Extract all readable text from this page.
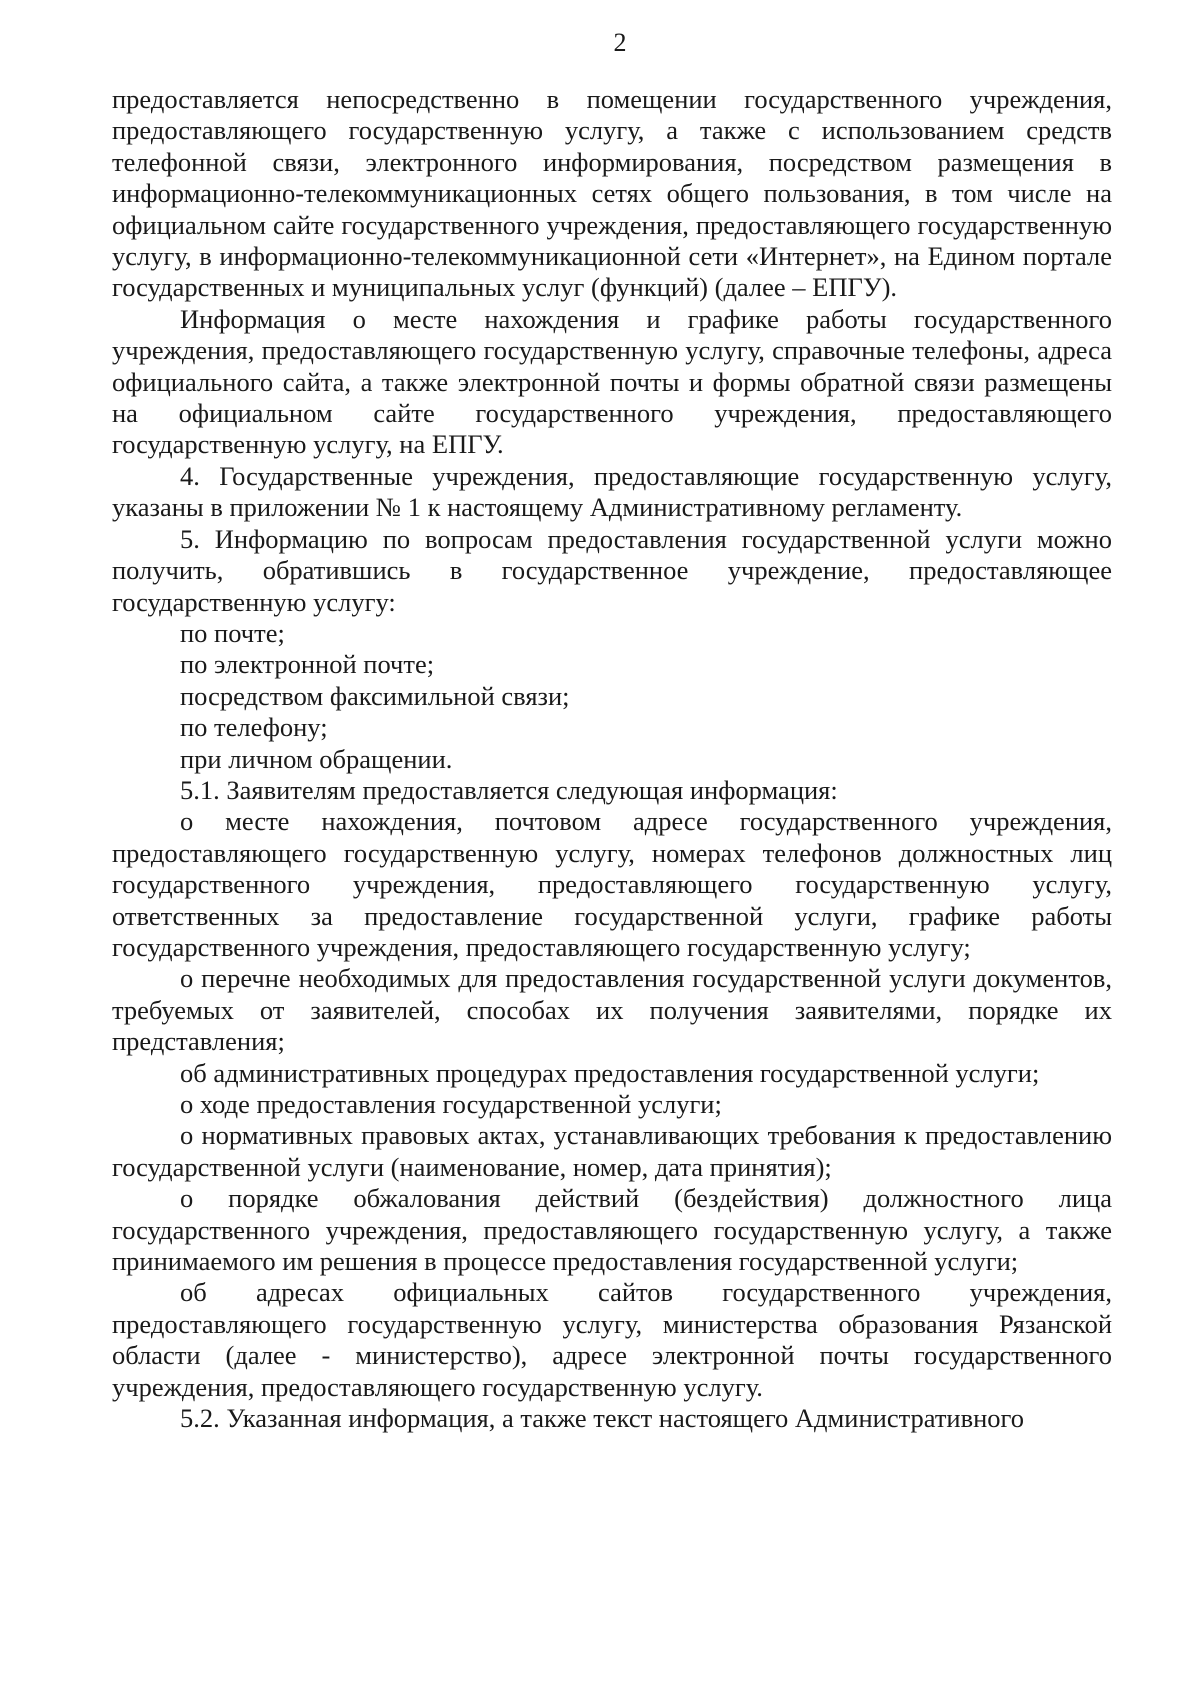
2

предоставляется непосредственно в помещении государственного учреждения, предоставляющего государственную услугу, а также с использованием средств телефонной связи, электронного информирования, посредством размещения в информационно-телекоммуникационных сетях общего пользования, в том числе на официальном сайте государственного учреждения, предоставляющего государственную услугу, в информационно-телекоммуникационной сети «Интернет», на Едином портале государственных и муниципальных услуг (функций) (далее – ЕПГУ).

Информация о месте нахождения и графике работы государственного учреждения, предоставляющего государственную услугу, справочные телефоны, адреса официального сайта, а также электронной почты и формы обратной связи размещены на официальном сайте государственного учреждения, предоставляющего государственную услугу, на ЕПГУ.

4. Государственные учреждения, предоставляющие государственную услугу, указаны в приложении № 1 к настоящему Административному регламенту.

5. Информацию по вопросам предоставления государственной услуги можно получить, обратившись в государственное учреждение, предоставляющее государственную услугу:

по почте;

по электронной почте;

посредством факсимильной связи;

по телефону;

при личном обращении.

5.1. Заявителям предоставляется следующая информация:

о месте нахождения, почтовом адресе государственного учреждения, предоставляющего государственную услугу, номерах телефонов должностных лиц государственного учреждения, предоставляющего государственную услугу, ответственных за предоставление государственной услуги, графике работы государственного учреждения, предоставляющего государственную услугу;

о перечне необходимых для предоставления государственной услуги документов, требуемых от заявителей, способах их получения заявителями, порядке их представления;

об административных процедурах предоставления государственной услуги;

о ходе предоставления государственной услуги;

о нормативных правовых актах, устанавливающих требования к предоставлению государственной услуги (наименование, номер, дата принятия);

о порядке обжалования действий (бездействия) должностного лица государственного учреждения, предоставляющего государственную услугу, а также принимаемого им решения в процессе предоставления государственной услуги;

об адресах официальных сайтов государственного учреждения, предоставляющего государственную услугу, министерства образования Рязанской области (далее - министерство), адресе электронной почты государственного учреждения, предоставляющего государственную услугу.

5.2. Указанная информация, а также текст настоящего Административного
